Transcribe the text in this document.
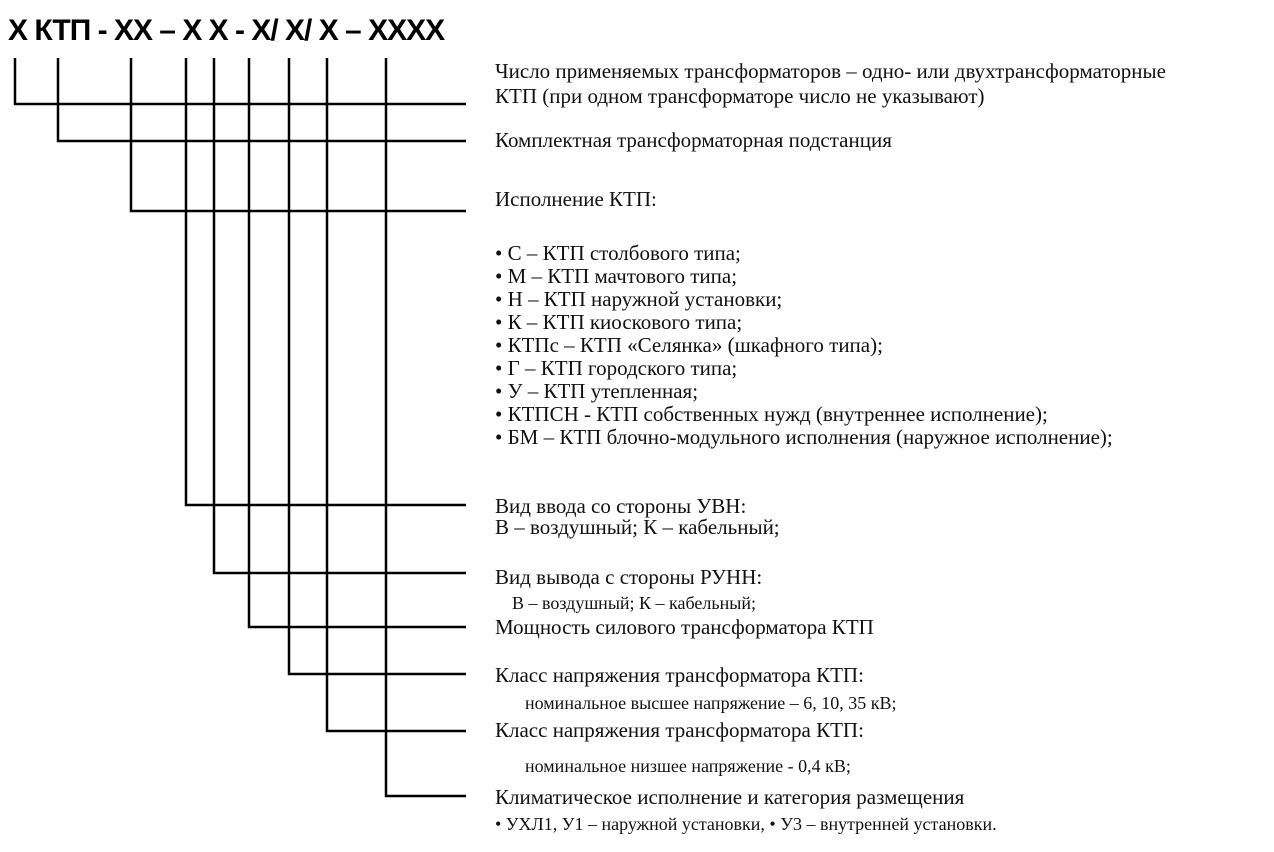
Х КТП - ХХ – Х Х - Х/ Х/ Х – ХХХХ
Число применяемых трансформаторов – одно- или двухтрансформаторные
КТП (при одном трансформаторе число не указывают)
Комплектная трансформаторная подстанция
Исполнение КТП:
• С – КТП столбового типа;
• М – КТП мачтового типа;
• Н – КТП наружной установки;
• К – КТП киоскового типа;
• КТПс – КТП «Селянка» (шкафного типа);
• Г – КТП городского типа;
• У – КТП утепленная;
• КТПСН - КТП собственных нужд (внутреннее исполнение);
• БМ – КТП блочно-модульного исполнения (наружное исполнение);
Вид ввода со стороны УВН:
В – воздушный; К – кабельный;
Вид вывода с стороны РУНН:
В – воздушный; К – кабельный;
Мощность силового трансформатора КТП
Класс напряжения трансформатора КТП:
номинальное высшее напряжение – 6, 10, 35 кВ;
Класс напряжения трансформатора КТП:
номинальное низшее напряжение - 0,4 кВ;
Климатическое исполнение и категория размещения
• УХЛ1, У1 – наружной установки, • У3 – внутренней установки.
